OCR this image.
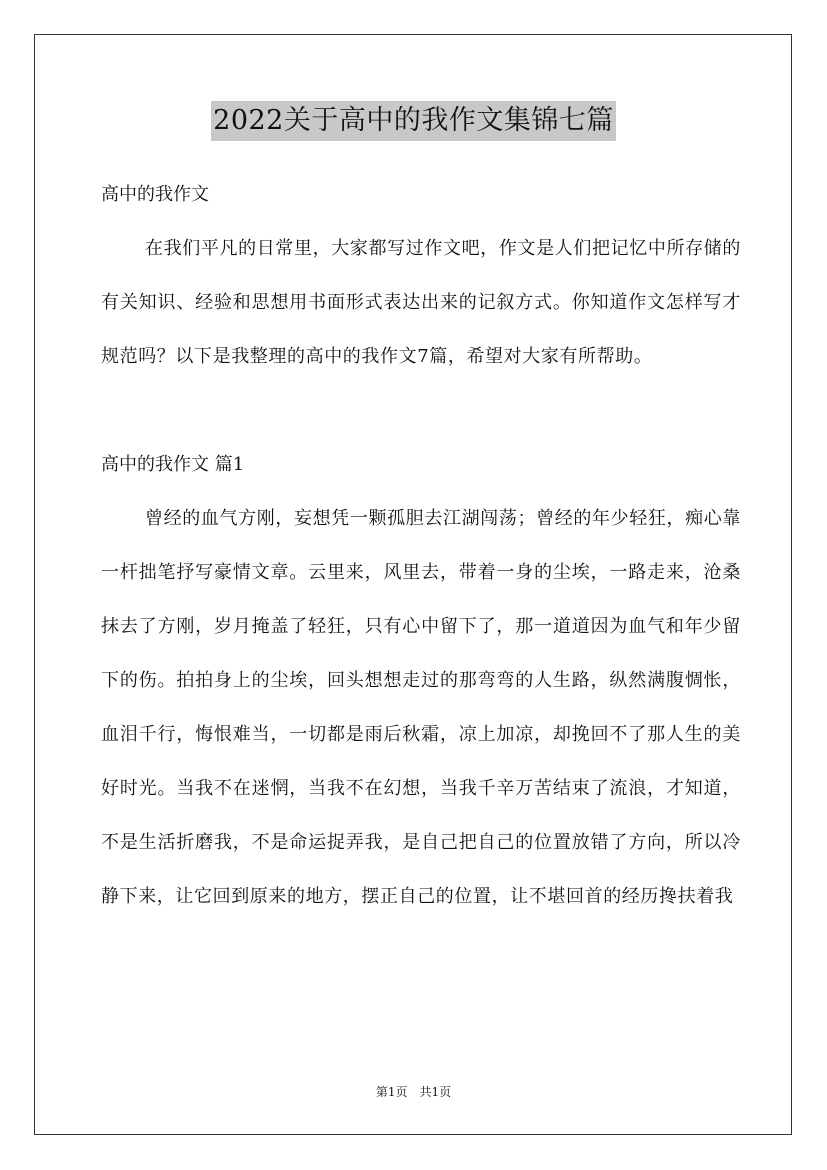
2022关于高中的我作文集锦七篇

高中的我作文

在我们平凡的日常里，大家都写过作文吧，作文是人们把记忆中所存储的有关知识、经验和思想用书面形式表达出来的记叙方式。你知道作文怎样写才规范吗？以下是我整理的高中的我作文7篇，希望对大家有所帮助。

高中的我作文 篇1

曾经的血气方刚，妄想凭一颗孤胆去江湖闯荡；曾经的年少轻狂，痴心靠一杆拙笔抒写豪情文章。云里来，风里去，带着一身的尘埃，一路走来，沧桑抹去了方刚，岁月掩盖了轻狂，只有心中留下了，那一道道因为血气和年少留下的伤。拍拍身上的尘埃，回头想想走过的那弯弯的人生路，纵然满腹惆怅，血泪千行，悔恨难当，一切都是雨后秋霜，凉上加凉，却挽回不了那人生的美好时光。当我不在迷惘，当我不在幻想，当我千辛万苦结束了流浪，才知道，不是生活折磨我，不是命运捉弄我，是自己把自己的位置放错了方向，所以冷静下来，让它回到原来的地方，摆正自己的位置，让不堪回首的经历搀扶着我

第1页　共1页
